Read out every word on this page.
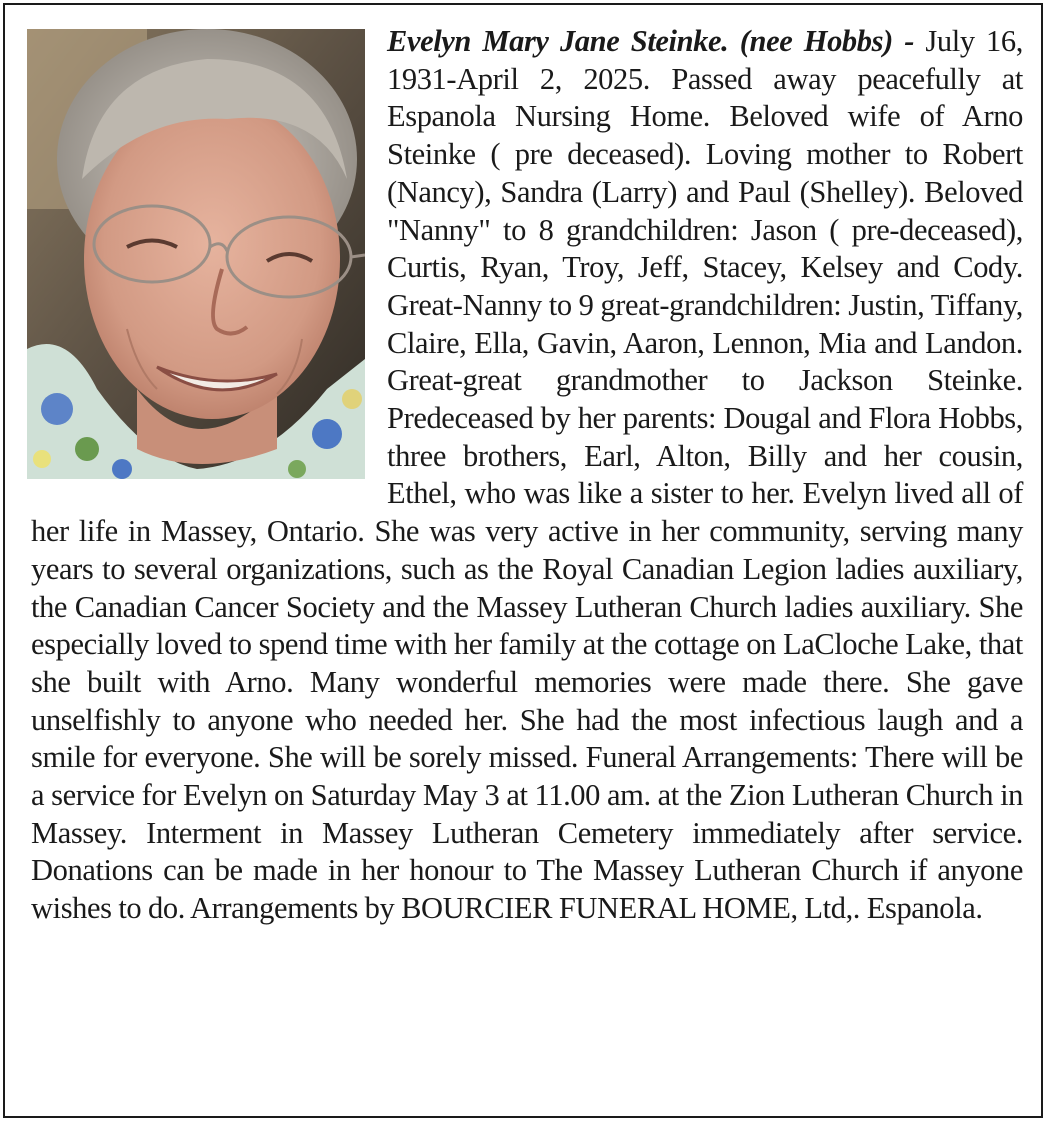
Evelyn Mary Jane Steinke. (nee Hobbs) - July 16, 1931-April 2, 2025. Passed away peacefully at Espanola Nursing Home. Beloved wife of Arno Steinke ( pre deceased). Loving mother to Robert (Nancy), Sandra (Larry) and Paul (Shelley). Beloved "Nanny" to 8 grandchildren: Jason ( pre-deceased), Curtis, Ryan, Troy, Jeff, Stacey, Kelsey and Cody. Great-Nanny to 9 great-grandchildren: Justin, Tiffany, Claire, Ella, Gavin, Aaron, Lennon, Mia and Landon. Great-great grandmother to Jackson Steinke. Predeceased by her parents: Dougal and Flora Hobbs, three brothers, Earl, Alton, Billy and her cousin, Ethel, who was like a sister to her. Evelyn lived all of her life in Massey, Ontario. She was very active in her community, serving many years to several organizations, such as the Royal Canadian Legion ladies auxiliary, the Canadian Cancer Society and the Massey Lutheran Church ladies auxiliary. She especially loved to spend time with her family at the cottage on LaCloche Lake, that she built with Arno. Many wonderful memories were made there. She gave unselfishly to anyone who needed her. She had the most infectious laugh and a smile for everyone. She will be sorely missed. Funeral Arrangements: There will be a service for Evelyn on Saturday May 3 at 11.00 am. at the Zion Lutheran Church in Massey. Interment in Massey Lutheran Cemetery immediately after service. Donations can be made in her honour to The Massey Lutheran Church if anyone wishes to do. Arrangements by BOURCIER FUNERAL HOME, Ltd,. Espanola.
